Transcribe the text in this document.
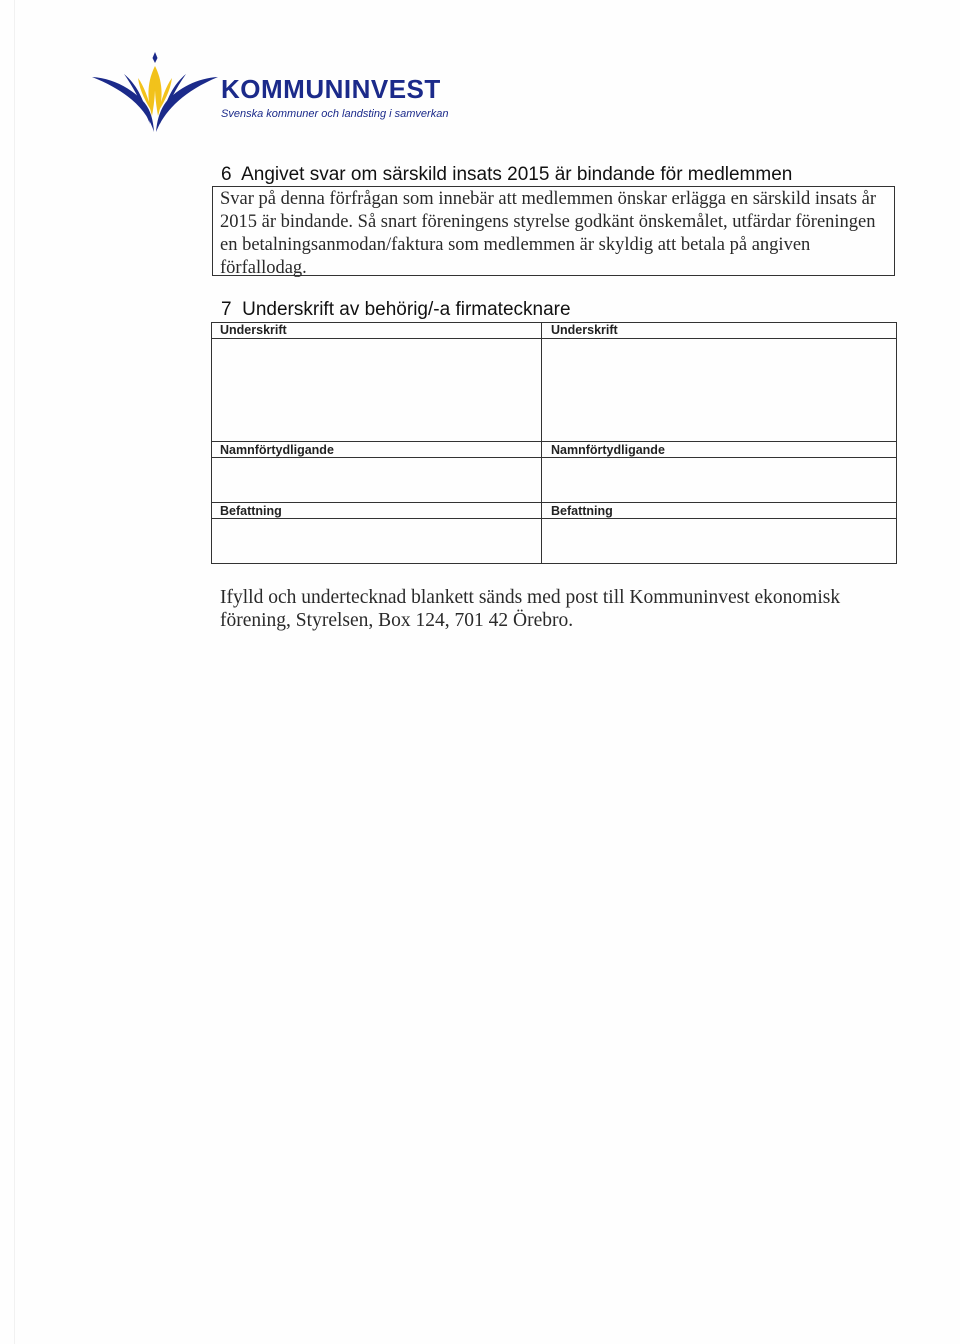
KOMMUNINVEST
Svenska kommuner och landsting i samverkan
6  Angivet svar om särskild insats 2015 är bindande för medlemmen
Svar på denna förfrågan som innebär att medlemmen önskar erlägga en särskild insats år 2015 är bindande. Så snart föreningens styrelse godkänt önskemålet, utfärdar föreningen en betalningsanmodan/faktura som medlemmen är skyldig att betala på angiven förfallodag.
7  Underskrift av behörig/-a firmatecknare
Underskrift
Namnförtydligande
Befattning
Underskrift
Namnförtydligande
Befattning
Ifylld och undertecknad blankett sänds med post till Kommuninvest ekonomisk förening, Styrelsen, Box 124, 701 42 Örebro.
